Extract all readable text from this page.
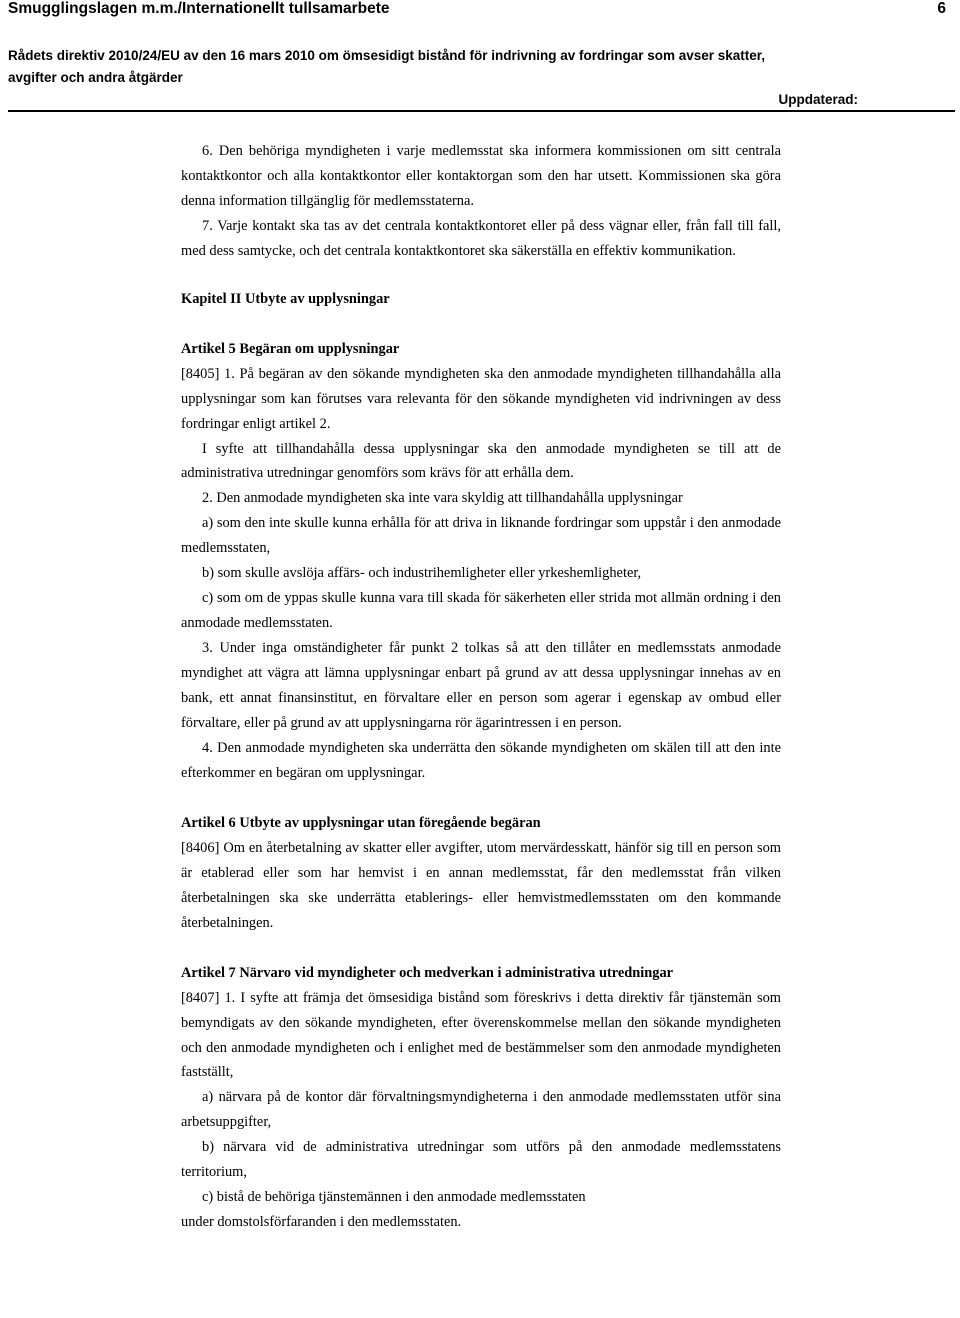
Smugglingslagen m.m./Internationellt tullsamarbete	6
Rådets direktiv 2010/24/EU av den 16 mars 2010 om ömsesidigt bistånd för indrivning av fordringar som avser skatter,
avgifter och andra åtgärder
Uppdaterad:

6. Den behöriga myndigheten i varje medlemsstat ska informera kommissionen om sitt centrala kontaktkontor och alla kontaktkontor eller kontaktorgan som den har utsett. Kommissionen ska göra denna information tillgänglig för medlemsstaterna.

7. Varje kontakt ska tas av det centrala kontaktkontoret eller på dess vägnar eller, från fall till fall, med dess samtycke, och det centrala kontaktkontoret ska säkerställa en effektiv kommunikation.

Kapitel II Utbyte av upplysningar

Artikel 5 Begäran om upplysningar

[8405] 1. På begäran av den sökande myndigheten ska den anmodade myndigheten tillhandahålla alla upplysningar som kan förutses vara relevanta för den sökande myndigheten vid indrivningen av dess fordringar enligt artikel 2.

I syfte att tillhandahålla dessa upplysningar ska den anmodade myndigheten se till att de administrativa utredningar genomförs som krävs för att erhålla dem.

2. Den anmodade myndigheten ska inte vara skyldig att tillhandahålla upplysningar

a) som den inte skulle kunna erhålla för att driva in liknande fordringar som uppstår i den anmodade medlemsstaten,

b) som skulle avslöja affärs- och industrihemligheter eller yrkeshemligheter,

c) som om de yppas skulle kunna vara till skada för säkerheten eller strida mot allmän ordning i den anmodade medlemsstaten.

3. Under inga omständigheter får punkt 2 tolkas så att den tillåter en medlemsstats anmodade myndighet att vägra att lämna upplysningar enbart på grund av att dessa upplysningar innehas av en bank, ett annat finansinstitut, en förvaltare eller en person som agerar i egenskap av ombud eller förvaltare, eller på grund av att upplysningarna rör ägarintressen i en person.

4. Den anmodade myndigheten ska underrätta den sökande myndigheten om skälen till att den inte efterkommer en begäran om upplysningar.

Artikel 6 Utbyte av upplysningar utan föregående begäran

[8406] Om en återbetalning av skatter eller avgifter, utom mervärdesskatt, hänför sig till en person som är etablerad eller som har hemvist i en annan medlemsstat, får den medlemsstat från vilken återbetalningen ska ske underrätta etablerings- eller hemvistmedlemsstaten om den kommande återbetalningen.

Artikel 7 Närvaro vid myndigheter och medverkan i administrativa utredningar

[8407] 1. I syfte att främja det ömsesidiga bistånd som föreskrivs i detta direktiv får tjänstemän som bemyndigats av den sökande myndigheten, efter överenskommelse mellan den sökande myndigheten och den anmodade myndigheten och i enlighet med de bestämmelser som den anmodade myndigheten fastställt,

a) närvara på de kontor där förvaltningsmyndigheterna i den anmodade medlemsstaten utför sina arbetsuppgifter,

b) närvara vid de administrativa utredningar som utförs på den anmodade medlemsstatens territorium,

c) bistå de behöriga tjänstemännen i den anmodade medlemsstaten

under domstolsförfaranden i den medlemsstaten.
